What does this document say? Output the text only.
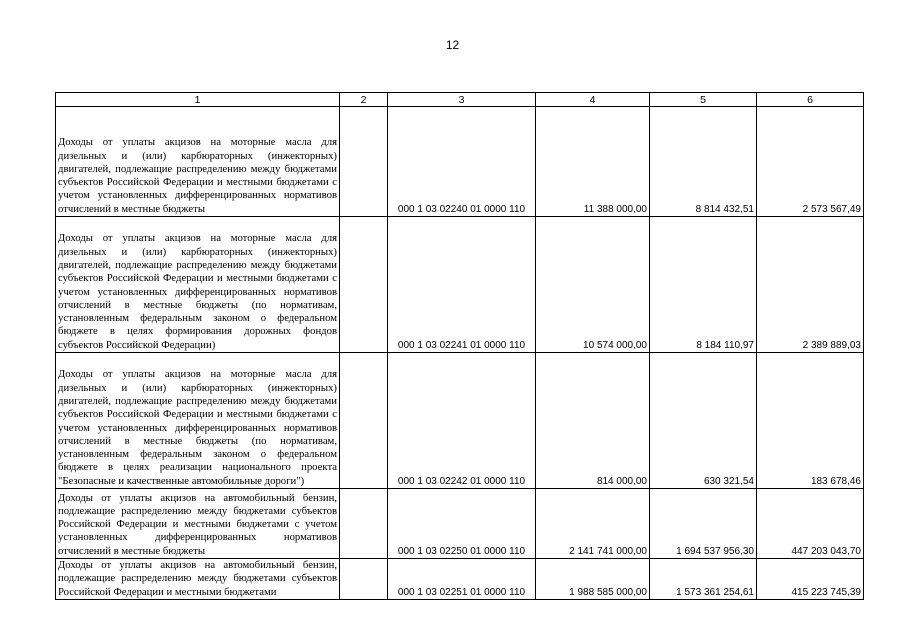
12
1	2	3	4	5	6
Доходы от уплаты акцизов на моторные масла для дизельных и (или) карбюраторных (инжекторных) двигателей, подлежащие распределению между бюджетами субъектов Российской Федерации и местными бюджетами с учетом установленных дифференцированных нормативов отчислений в местные бюджеты		000 1 03 02240 01 0000 110	11 388 000,00	8 814 432,51	2 573 567,49
Доходы от уплаты акцизов на моторные масла для дизельных и (или) карбюраторных (инжекторных) двигателей, подлежащие распределению между бюджетами субъектов Российской Федерации и местными бюджетами с учетом установленных дифференцированных нормативов отчислений в местные бюджеты (по нормативам, установленным федеральным законом о федеральном бюджете в целях формирования дорожных фондов субъектов Российской Федерации)		000 1 03 02241 01 0000 110	10 574 000,00	8 184 110,97	2 389 889,03
Доходы от уплаты акцизов на моторные масла для дизельных и (или) карбюраторных (инжекторных) двигателей, подлежащие распределению между бюджетами субъектов Российской Федерации и местными бюджетами с учетом установленных дифференцированных нормативов отчислений в местные бюджеты (по нормативам, установленным федеральным законом о федеральном бюджете в целях реализации национального проекта "Безопасные и качественные автомобильные дороги")		000 1 03 02242 01 0000 110	814 000,00	630 321,54	183 678,46
Доходы от уплаты акцизов на автомобильный бензин, подлежащие распределению между бюджетами субъектов Российской Федерации и местными бюджетами с учетом установленных дифференцированных нормативов отчислений в местные бюджеты		000 1 03 02250 01 0000 110	2 141 741 000,00	1 694 537 956,30	447 203 043,70
Доходы от уплаты акцизов на автомобильный бензин, подлежащие распределению между бюджетами субъектов Российской Федерации и местными бюджетами		000 1 03 02251 01 0000 110	1 988 585 000,00	1 573 361 254,61	415 223 745,39
